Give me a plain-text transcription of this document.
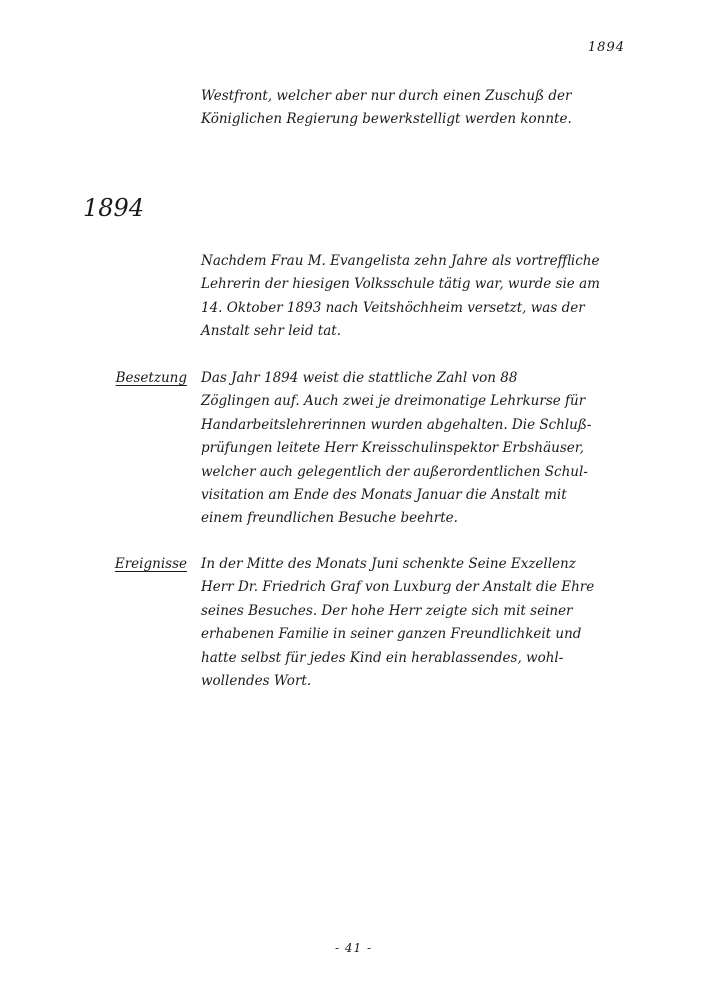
1894
Westfront, welcher aber nur durch einen Zuschuß der
Königlichen Regierung bewerkstelligt werden konnte.
1894
Nachdem Frau M. Evangelista zehn Jahre als vortreffliche
Lehrerin der hiesigen Volksschule tätig war, wurde sie am
14. Oktober 1893 nach Veitshöchheim versetzt, was der
Anstalt sehr leid tat.
Besetzung Das Jahr 1894 weist die stattliche Zahl von 88
Zöglingen auf. Auch zwei je dreimonatige Lehrkurse für
Handarbeitslehrerinnen wurden abgehalten. Die Schluß-
prüfungen leitete Herr Kreisschulinspektor Erbshäuser,
welcher auch gelegentlich der außerordentlichen Schul-
visitation am Ende des Monats Januar die Anstalt mit
einem freundlichen Besuche beehrte.
Ereignisse In der Mitte des Monats Juni schenkte Seine Exzellenz
Herr Dr. Friedrich Graf von Luxburg der Anstalt die Ehre
seines Besuches. Der hohe Herr zeigte sich mit seiner
erhabenen Familie in seiner ganzen Freundlichkeit und
hatte selbst für jedes Kind ein herablassendes, wohl-
wollendes Wort.
- 41 -
